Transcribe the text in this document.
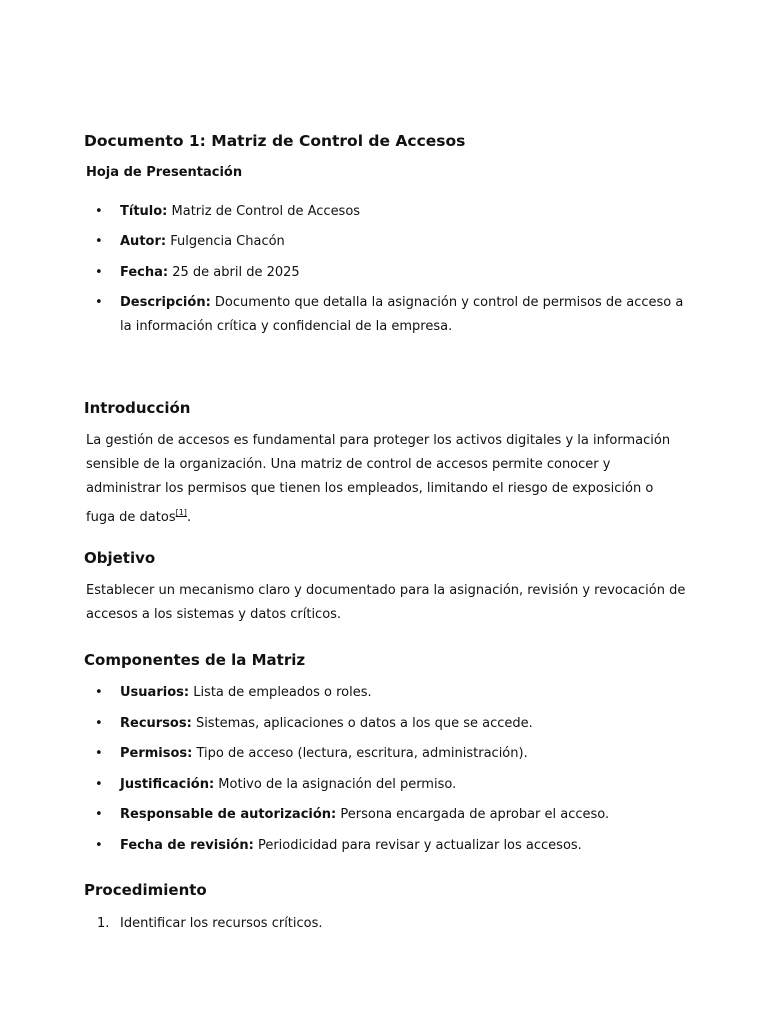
Documento 1: Matriz de Control de Accesos
Hoja de Presentación
• Título: Matriz de Control de Accesos

• Autor: Fulgencia Chacón

• Fecha: 25 de abril de 2025

• Descripción: Documento que detalla la asignación y control de permisos de acceso a la información crítica y confidencial de la empresa.

Introducción

La gestión de accesos es fundamental para proteger los activos digitales y la información sensible de la organización. Una matriz de control de accesos permite conocer y administrar los permisos que tienen los empleados, limitando el riesgo de exposición o fuga de datos[1].

Objetivo

Establecer un mecanismo claro y documentado para la asignación, revisión y revocación de accesos a los sistemas y datos críticos.

Componentes de la Matriz
• Usuarios: Lista de empleados o roles.

• Recursos: Sistemas, aplicaciones o datos a los que se accede.

• Permisos: Tipo de acceso (lectura, escritura, administración).

• Justificación: Motivo de la asignación del permiso.

• Responsable de autorización: Persona encargada de aprobar el acceso.

• Fecha de revisión: Periodicidad para revisar y actualizar los accesos.

Procedimiento
1. Identificar los recursos críticos.
